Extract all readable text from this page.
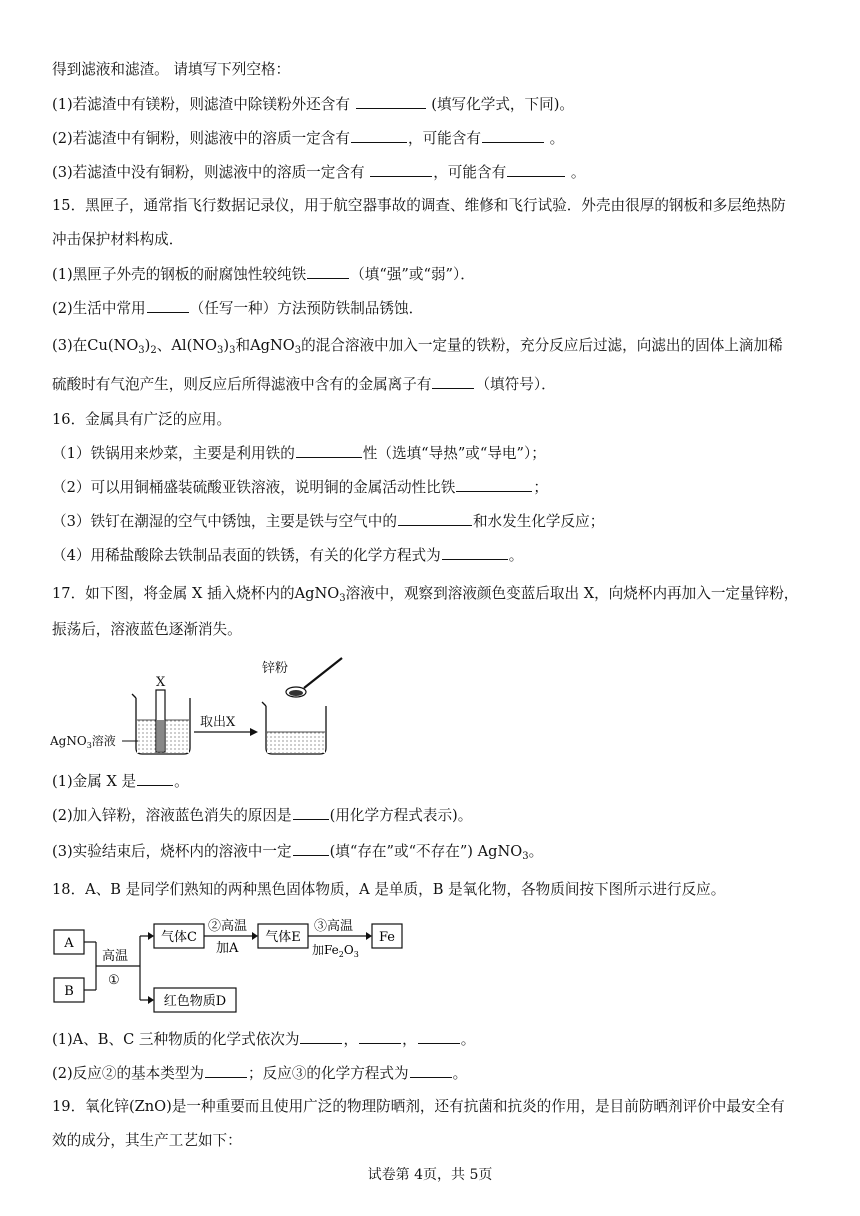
得到滤液和滤渣。 请填写下列空格：
(1)若滤渣中有镁粉，则滤渣中除镁粉外还含有	(填写化学式，下同)。
(2)若滤渣中有铜粉，则滤液中的溶质一定含有	，可能含有	。
(3)若滤渣中没有铜粉，则滤液中的溶质一定含有	，可能含有	。
15．黑匣子，通常指飞行数据记录仪，用于航空器事故的调查、维修和飞行试验．外壳由很厚的钢板和多层绝热防
冲击保护材料构成．
(1)黑匣子外壳的钢板的耐腐蚀性较纯铁	（填“强”或“弱”）．
(2)生活中常用	（任写一种）方法预防铁制品锈蚀．
(3)在$Cu(NO_3)_2$、$Al(NO_3)_3$和AgNO$_3$的混合溶液中加入一定量的铁粉，充分反应后过滤，向滤出的固体上滴加稀
硫酸时有气泡产生，则反应后所得滤液中含有的金属离子有	（填符号）．
16．金属具有广泛的应用。
（1）铁锅用来炒菜，主要是利用铁的	性（选填“导热”或“导电”）；
（2）可以用铜桶盛装硫酸亚铁溶液，说明铜的金属活动性比铁	；
（3）铁钉在潮湿的空气中锈蚀，主要是铁与空气中的	和水发生化学反应；
（4）用稀盐酸除去铁制品表面的铁锈，有关的化学方程式为	。
17．如下图，将金属 X 插入烧杯内的AgNO$_3$溶液中，观察到溶液颜色变蓝后取出 X，向烧杯内再加入一定量锌粉，
振荡后，溶液蓝色逐渐消失。
X
AgNO$_3$溶液
取出X
锌粉
(1)金属 X 是	。
(2)加入锌粉，溶液蓝色消失的原因是	(用化学方程式表示)。
(3)实验结束后，烧杯内的溶液中一定	(填“存在”或“不存在”) AgNO$_3$。
18．A、B 是同学们熟知的两种黑色固体物质，A 是单质，B 是氧化物，各物质间按下图所示进行反应。
A
B
高温
①
气体C
②高温
加A
气体E
③高温
加$Fe_2O_3$
Fe
红色物质D
(1)A、B、C 三种物质的化学式依次为	，	，	。
(2)反应②的基本类型为	；反应③的化学方程式为	。
19．氧化锌(ZnO)是一种重要而且使用广泛的物理防晒剂，还有抗菌和抗炎的作用，是目前防晒剂评价中最安全有
效的成分，其生产工艺如下：
试卷第 4页，共 5页
